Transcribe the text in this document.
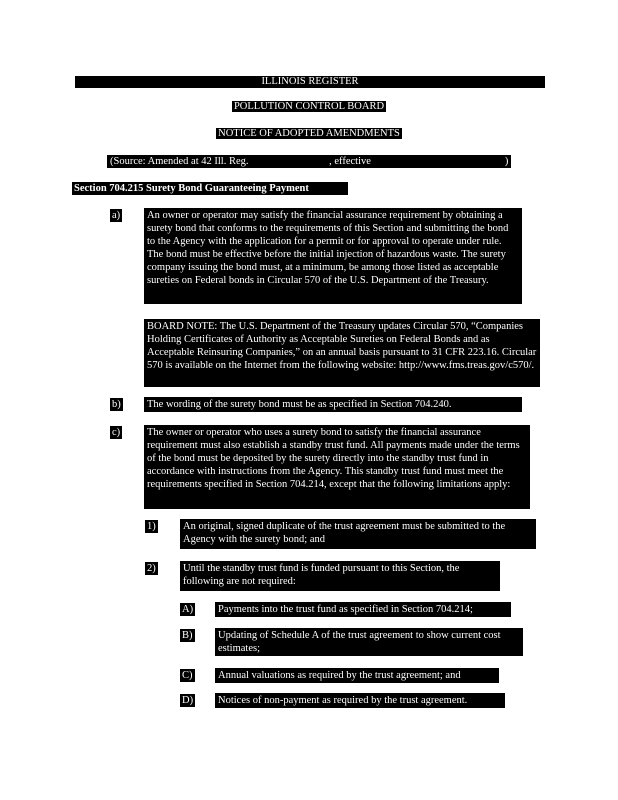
ILLINOIS REGISTER
POLLUTION CONTROL BOARD
NOTICE OF ADOPTED AMENDMENTS
(Source: Amended at 42 Ill. Reg.	, effective	)
Section 704.215 Surety Bond Guaranteeing Payment
a)	An owner or operator may satisfy the financial assurance requirement by obtaining a surety bond that conforms to the requirements of this Section and submitting the bond to the Agency with the application for a permit or for approval to operate under rule. The bond must be effective before the initial injection of hazardous waste. The surety company issuing the bond must, at a minimum, be among those listed as acceptable sureties on Federal bonds in Circular 570 of the U.S. Department of the Treasury.
BOARD NOTE: The U.S. Department of the Treasury updates Circular 570, “Companies Holding Certificates of Authority as Acceptable Sureties on Federal Bonds and as Acceptable Reinsuring Companies,” on an annual basis pursuant to 31 CFR 223.16. Circular 570 is available on the Internet from the following website: http://www.fms.treas.gov/c570/.
b)	The wording of the surety bond must be as specified in Section 704.240.
c)	The owner or operator who uses a surety bond to satisfy the financial assurance requirement must also establish a standby trust fund. All payments made under the terms of the bond must be deposited by the surety directly into the standby trust fund in accordance with instructions from the Agency. This standby trust fund must meet the requirements specified in Section 704.214, except that the following limitations apply:
1)	An original, signed duplicate of the trust agreement must be submitted to the Agency with the surety bond; and
2)	Until the standby trust fund is funded pursuant to this Section, the following are not required:
A) Payments into the trust fund as specified in Section 704.214;
B) Updating of Schedule A of the trust agreement to show current cost estimates;
C) Annual valuations as required by the trust agreement; and
D) Notices of non-payment as required by the trust agreement.
